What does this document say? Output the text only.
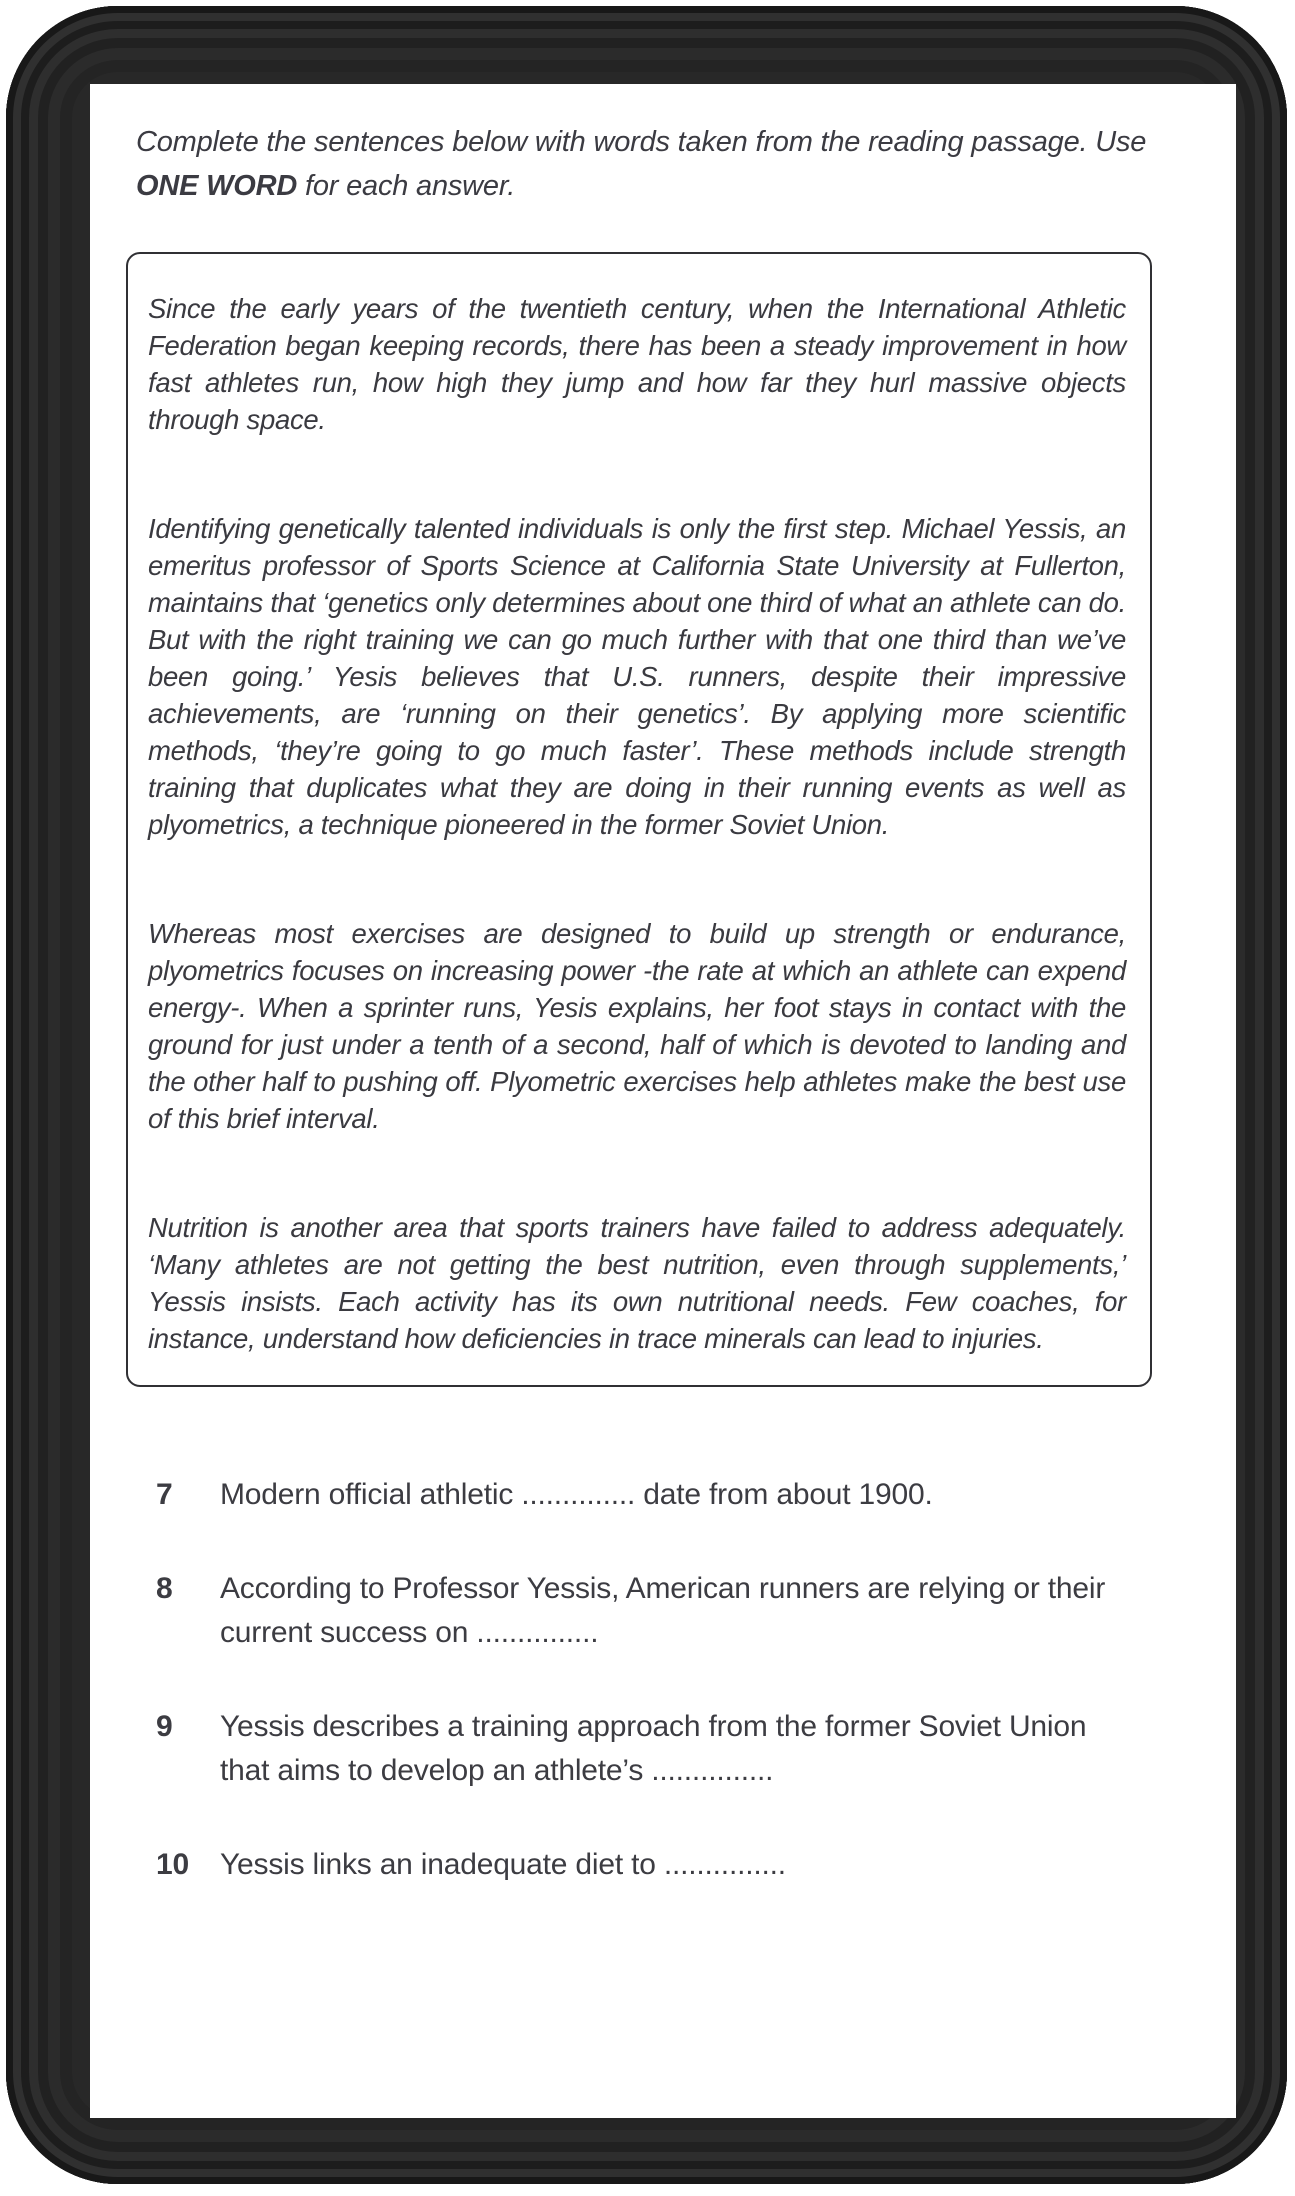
Complete the sentences below with words taken from the reading passage. Use ONE WORD for each answer.

Since the early years of the twentieth century, when the International Athletic Federation began keeping records, there has been a steady improvement in how fast athletes run, how high they jump and how far they hurl massive objects through space.

Identifying genetically talented individuals is only the first step. Michael Yessis, an emeritus professor of Sports Science at California State University at Fullerton, maintains that ‘genetics only determines about one third of what an athlete can do. But with the right training we can go much further with that one third than we’ve been going.’ Yesis believes that U.S. runners, despite their impressive achievements, are ‘running on their genetics’. By applying more scientific methods, ‘they’re going to go much faster’. These methods include strength training that duplicates what they are doing in their running events as well as plyometrics, a technique pioneered in the former Soviet Union.

Whereas most exercises are designed to build up strength or endurance, plyometrics focuses on increasing power -the rate at which an athlete can expend energy-. When a sprinter runs, Yesis explains, her foot stays in contact with the ground for just under a tenth of a second, half of which is devoted to landing and the other half to pushing off. Plyometric exercises help athletes make the best use of this brief interval.

Nutrition is another area that sports trainers have failed to address adequately. ‘Many athletes are not getting the best nutrition, even through supplements,’ Yessis insists. Each activity has its own nutritional needs. Few coaches, for instance, understand how deficiencies in trace minerals can lead to injuries.

7	Modern official athletic .............. date from about 1900.
8	According to Professor Yessis, American runners are relying or their current success on ...............
9	Yessis describes a training approach from the former Soviet Union that aims to develop an athlete’s ...............
10	Yessis links an inadequate diet to ...............
